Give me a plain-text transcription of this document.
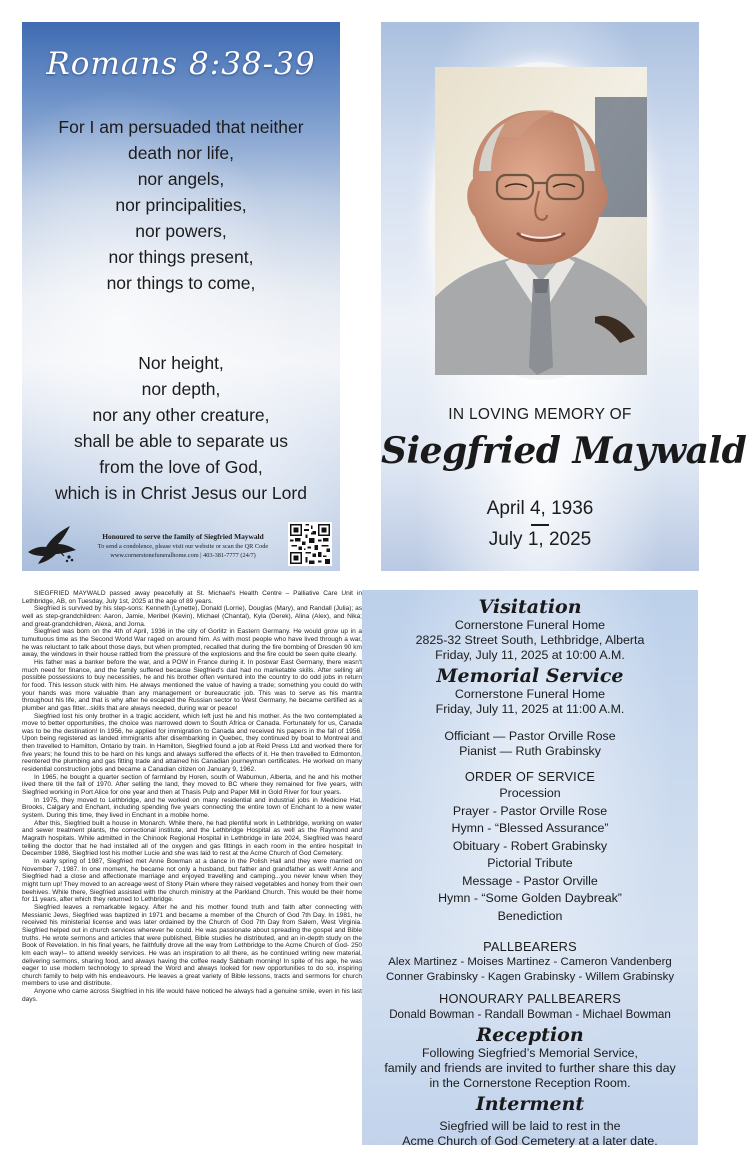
Romans 8:38-39
For I am persuaded that neither
death nor life,
nor angels,
nor principalities,
nor powers,
nor things present,
nor things to come,
Nor height,
nor depth,
nor any other creature,
shall be able to separate us
from the love of God,
which is in Christ Jesus our Lord
Honoured to serve the family of Siegfried Maywald
To send a condolence, please visit our website or scan the QR Code
www.cornerstonefuneralhome.com | 403-381-7777 (24/7)
IN LOVING MEMORY OF
Siegfried Maywald
April 4, 1936
July 1, 2025

SIEGFRIED MAYWALD passed away peacefully at St. Michael's Health Centre – Palliative Care Unit in Lethbridge, AB, on Tuesday, July 1st, 2025 at the age of 89 years.

Siegfried is survived by his step-sons: Kenneth (Lynette), Donald (Lorrie), Douglas (Mary), and Randall (Julia); as well as step-grandchildren: Aaron, Jamie, Meribel (Kevin), Michael (Chantal), Kyla (Derek), Alina (Alex), and Nika; and great-grandchildren, Alexa, and Jorna.

Siegfried was born on the 4th of April, 1936 in the city of Gorlitz in Eastern Germany. He would grow up in a tumultuous time as the Second World War raged on around him. As with most people who have lived through a war, he was reluctant to talk about those days, but when prompted, recalled that during the fire bombing of Dresden 90 km away, the windows in their house rattled from the pressure of the explosions and the fire could be seen quite clearly.

His father was a banker before the war, and a POW in France during it. In postwar East Germany, there wasn't much need for finance, and the family suffered because Siegfried's dad had no marketable skills. After selling all possible possessions to buy necessities, he and his brother often ventured into the country to do odd jobs in return for food. This lesson stuck with him. He always mentioned the value of having a trade; something you could do with your hands was more valuable than any management or bureaucratic job. This was to serve as his mantra throughout his life, and that is why after he escaped the Russian sector to West Germany, he became certified as a plumber and gas fitter...skills that are always needed, during war or peace!

Siegfried lost his only brother in a tragic accident, which left just he and his mother. As the two contemplated a move to better opportunities, the choice was narrowed down to South Africa or Canada. Fortunately for us, Canada was to be the destination! In 1956, he applied for immigration to Canada and received his papers in the fall of 1956. Upon being registered as landed immigrants after disembarking in Quebec, they continued by boat to Montreal and then travelled to Hamilton, Ontario by train. In Hamilton, Siegfried found a job at Reid Press Ltd and worked there for five years; he found this to be hard on his lungs and always suffered the effects of it. He then travelled to Edmonton, reentered the plumbing and gas fitting trade and attained his Canadian journeyman certificates. He worked on many residential construction jobs and became a Canadian citizen on January 9, 1962.

In 1965, he bought a quarter section of farmland by Horen, south of Wabumun, Alberta, and he and his mother lived there till the fall of 1970. After selling the land, they moved to BC where they remained for five years, with Siegfried working in Port Alice for one year and then at Thasis Pulp and Paper Mill in Gold River for four years.

In 1975, they moved to Lethbridge, and he worked on many residential and industrial jobs in Medicine Hat, Brooks, Calgary and Enchant, including spending five years connecting the entire town of Enchant to a new water system. During this time, they lived in Enchant in a mobile home.

After this, Siegfried built a house in Monarch. While there, he had plentiful work in Lethbridge, working on water and sewer treatment plants, the correctional institute, and the Lethbridge Hospital as well as the Raymond and Magrath hospitals. While admitted in the Chinook Regional Hospital in Lethbridge in late 2024, Siegfried was heard telling the doctor that he had installed all of the oxygen and gas fittings in each room in the entire hospital! In December 1986, Siegfried lost his mother Lucie and she was laid to rest at the Acme Church of God Cemetery.

In early spring of 1987, Siegfried met Anne Bowman at a dance in the Polish Hall and they were married on November 7, 1987. In one moment, he became not only a husband, but father and grandfather as well! Anne and Siegfried had a close and affectionate marriage and enjoyed travelling and camping...you never knew when they might turn up! They moved to an acreage west of Stony Plain where they raised vegetables and honey from their own beehives. While there, Siegfried assisted with the church ministry at the Parkland Church. This would be their home for 11 years, after which they returned to Lethbridge.

Siegfried leaves a remarkable legacy. After he and his mother found truth and faith after connecting with Messianic Jews, Siegfried was baptized in 1971 and became a member of the Church of God 7th Day. In 1981, he received his ministerial license and was later ordained by the Church of God 7th Day from Salem, West Virginia. Siegfried helped out in church services wherever he could. He was passionate about spreading the gospel and Bible truths. He wrote sermons and articles that were published, Bible studies he distributed, and an in-depth study on the Book of Revelation. In his final years, he faithfully drove all the way from Lethbridge to the Acme Church of God- 250 km each way!– to attend weekly services. He was an inspiration to all there, as he continued writing new material, delivering sermons, sharing food, and always having the coffee ready Sabbath morning! In spite of his age, he was eager to use modern technology to spread the Word and always looked for new opportunities to do so, inspiring church family to help with his endeavours. He leaves a great variety of Bible lessons, tracts and sermons for church members to use and distribute.

Anyone who came across Siegfried in his life would have noticed he always had a genuine smile, even in his last days.

Visitation
Cornerstone Funeral Home
2825-32 Street South, Lethbridge, Alberta
Friday, July 11, 2025 at 10:00 A.M.
Memorial Service
Cornerstone Funeral Home
Friday, July 11, 2025 at 11:00 A.M.
Officiant — Pastor Orville Rose
Pianist — Ruth Grabinsky
ORDER OF SERVICE
Procession
Prayer - Pastor Orville Rose
Hymn - “Blessed Assurance”
Obituary - Robert Grabinsky
Pictorial Tribute
Message - Pastor Orville
Hymn - “Some Golden Daybreak”
Benediction
PALLBEARERS
Alex Martinez - Moises Martinez - Cameron Vandenberg
Conner Grabinsky - Kagen Grabinsky - Willem Grabinsky
HONOURARY PALLBEARERS
Donald Bowman - Randall Bowman - Michael Bowman
Reception
Following Siegfried’s Memorial Service,
family and friends are invited to further share this day
in the Cornerstone Reception Room.
Interment
Siegfried will be laid to rest in the
Acme Church of God Cemetery at a later date.
